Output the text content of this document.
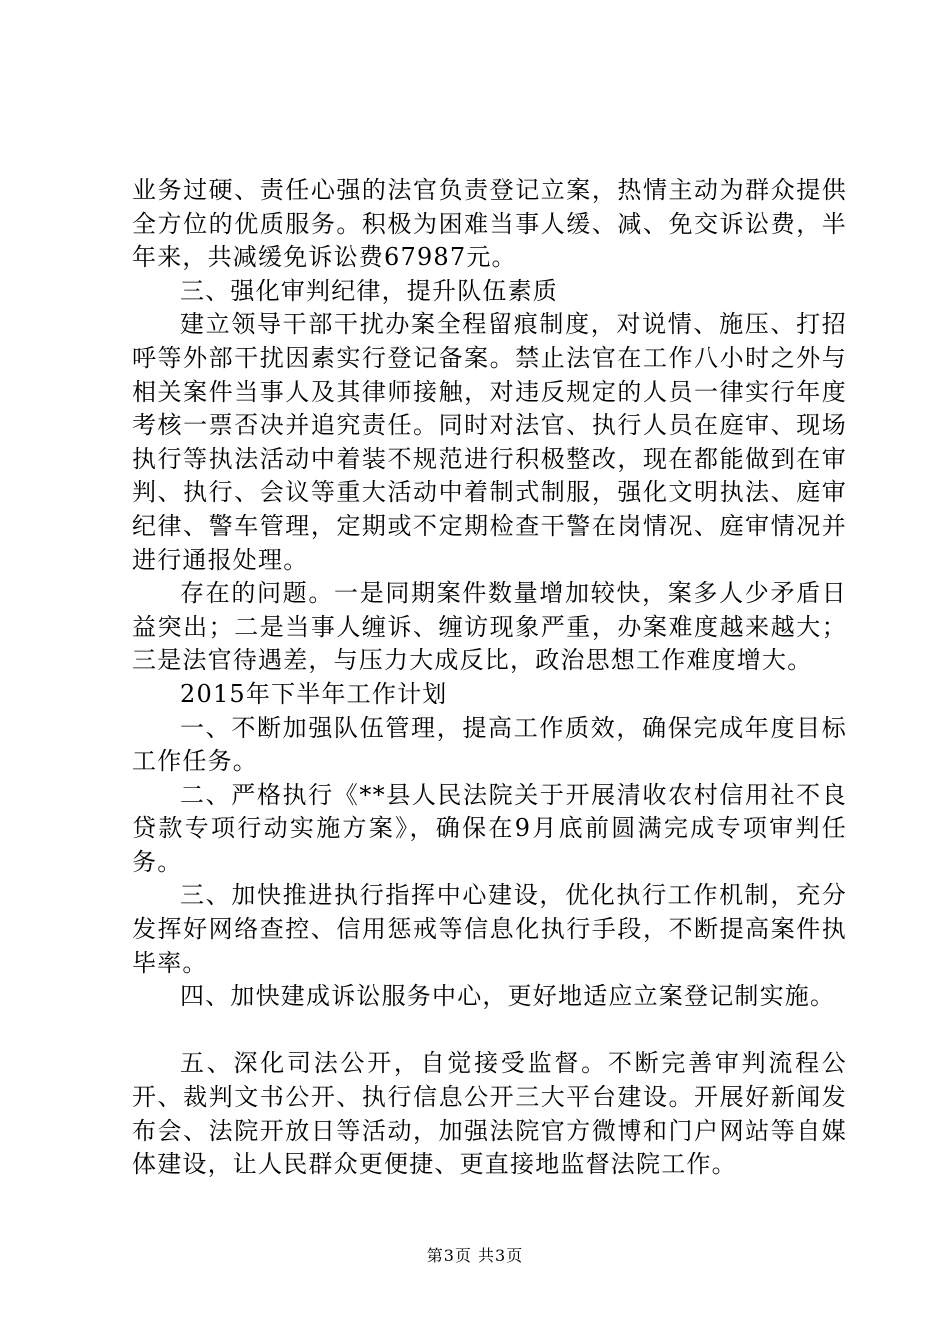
业务过硬、责任心强的法官负责登记立案，热情主动为群众提供全方位的优质服务。积极为困难当事人缓、减、免交诉讼费，半年来，共减缓免诉讼费67987元。

三、强化审判纪律，提升队伍素质

建立领导干部干扰办案全程留痕制度，对说情、施压、打招呼等外部干扰因素实行登记备案。禁止法官在工作八小时之外与相关案件当事人及其律师接触，对违反规定的人员一律实行年度考核一票否决并追究责任。同时对法官、执行人员在庭审、现场执行等执法活动中着装不规范进行积极整改，现在都能做到在审判、执行、会议等重大活动中着制式制服，强化文明执法、庭审纪律、警车管理，定期或不定期检查干警在岗情况、庭审情况并进行通报处理。

存在的问题。一是同期案件数量增加较快，案多人少矛盾日益突出；二是当事人缠诉、缠访现象严重，办案难度越来越大；三是法官待遇差，与压力大成反比，政治思想工作难度增大。

2015年下半年工作计划

一、不断加强队伍管理，提高工作质效，确保完成年度目标工作任务。

二、严格执行《**县人民法院关于开展清收农村信用社不良贷款专项行动实施方案》，确保在9月底前圆满完成专项审判任务。

三、加快推进执行指挥中心建设，优化执行工作机制，充分发挥好网络查控、信用惩戒等信息化执行手段，不断提高案件执毕率。

四、加快建成诉讼服务中心，更好地适应立案登记制实施。

五、深化司法公开，自觉接受监督。不断完善审判流程公开、裁判文书公开、执行信息公开三大平台建设。开展好新闻发布会、法院开放日等活动，加强法院官方微博和门户网站等自媒体建设，让人民群众更便捷、更直接地监督法院工作。

第3页 共3页
